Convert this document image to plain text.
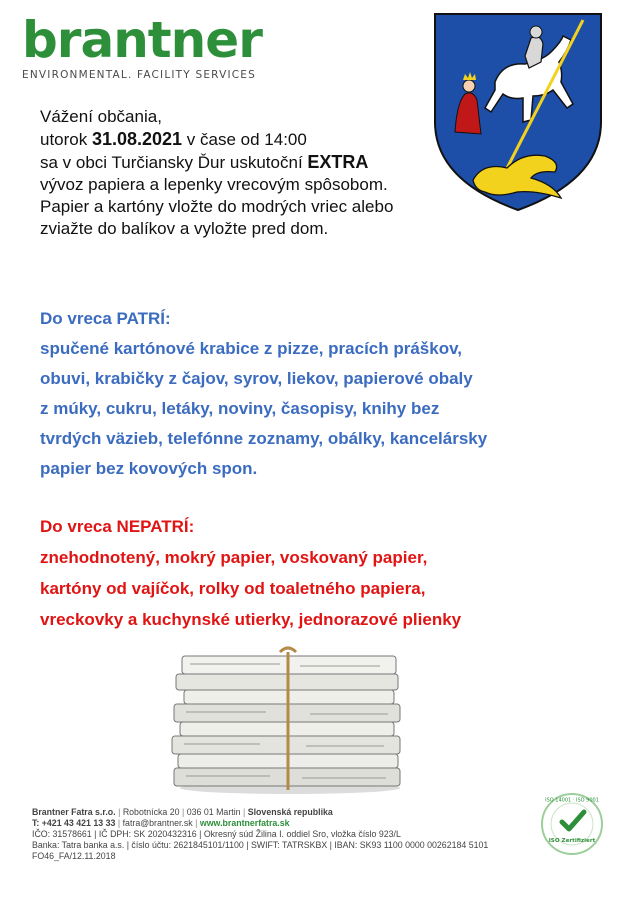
brantner
ENVIRONMENTAL. FACILITY SERVICES

Vážení občania,

utorok 31.08.2021 v čase od 14:00

sa v obci Turčiansky Ďur uskutoční EXTRA

vývoz papiera a lepenky vrecovým spôsobom.

Papier a kartóny vložte do modrých vriec alebo

zviažte do balíkov a vyložte pred dom.

Do vreca PATRÍ:

spučené kartónové krabice z pizze, pracích práškov,

obuvi, krabičky z čajov, syrov, liekov, papierové obaly

z múky, cukru, letáky, noviny, časopisy, knihy bez

tvrdých väzieb, telefónne zoznamy, obálky, kancelársky

papier bez kovových spon.

Do vreca NEPATRÍ:

znehodnotený, mokrý papier, voskovaný papier,

kartóny od vajíčok, rolky od toaletného papiera,

vreckovky a kuchynské utierky, jednorazové plienky

Brantner Fatra s.r.o. | Robotnícka 20 | 036 01 Martin | Slovenská republika

T: +421 43 421 13 33 | fatra@brantner.sk | www.brantnerfatra.sk

IČO: 31578661 | IČ DPH: SK 2020432316 | Okresný súd Žilina I. oddiel Sro, vložka číslo 923/L

Banka: Tatra banka a.s. | číslo účtu: 2621845101/1100 | SWIFT: TATRSKBX | IBAN: SK93 1100 0000 00262184 5101

FO46_FA/12.11.2018

ISO 14001 · ISO 9001
ISO Zertifiziert
